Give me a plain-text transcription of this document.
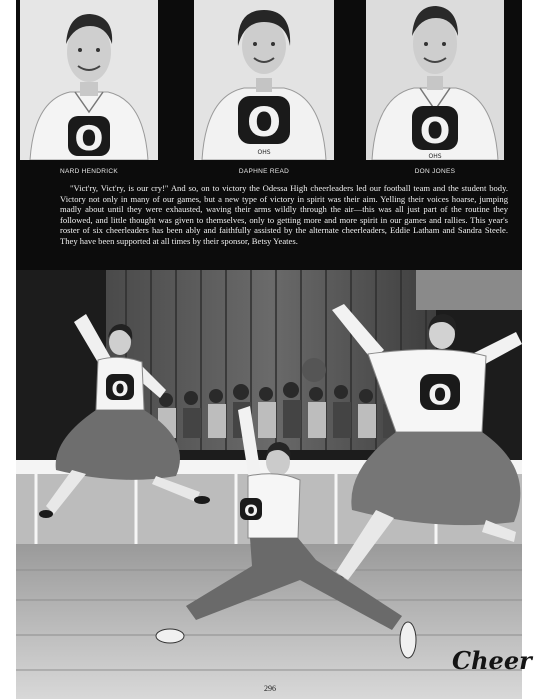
O
NARD HENDRICK
O
OHS
DAPHNE READ
O
OHS
DON JONES
"Vict'ry, Vict'ry, is our cry!" And so, on to victory the Odessa High cheerleaders led our football team and the student body. Victory not only in many of our games, but a new type of victory in spirit was their aim. Yelling their voices hoarse, jumping madly about until they were exhausted, waving their arms wildly through the air—this was all just part of the routine they followed, and little thought was given to themselves, only to getting more and more spirit in our games and rallies. This year's roster of six cheerleaders has been ably and faithfully assisted by the alternate cheerleaders, Eddie Latham and Sandra Steele. They have been supported at all times by their sponsor, Betsy Yeates.
O	O
O
Cheer
296
